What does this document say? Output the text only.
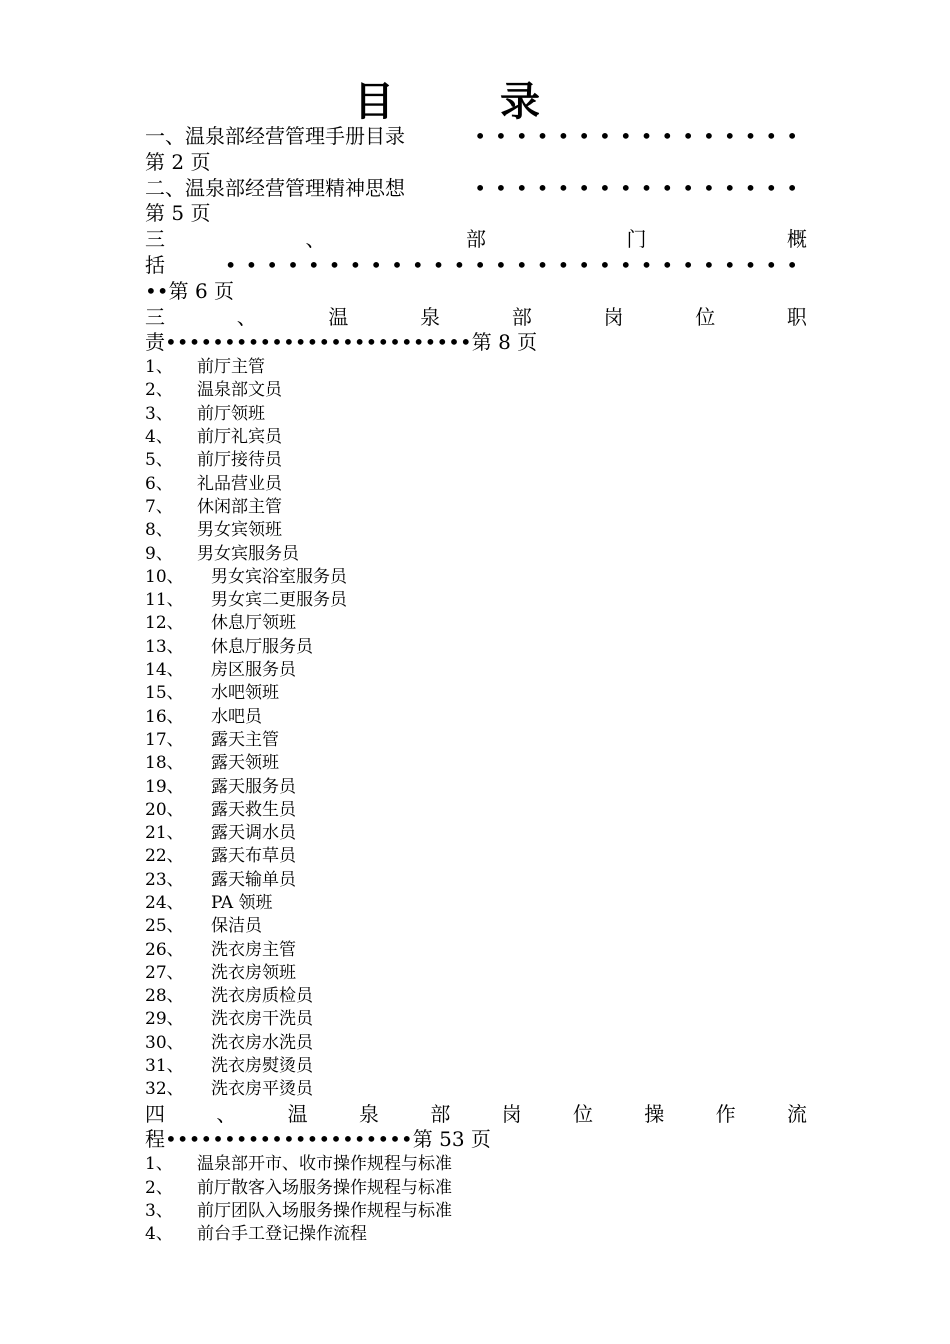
目 录
一、温泉部经营管理手册目录	••••••••••••••••
第 2 页
二、温泉部经营管理精神思想	••••••••••••••••
第 5 页
三	、	部	门	概
括	••••••••••••••••••••••••••••
••第 6 页
三	、	温	泉	部	岗	位	职
责••••••••••••••••••••••••••第 8 页
1、	前厅主管
2、	温泉部文员
3、	前厅领班
4、	前厅礼宾员
5、	前厅接待员
6、	礼品营业员
7、	休闲部主管
8、	男女宾领班
9、	男女宾服务员
10、	男女宾浴室服务员
11、	男女宾二更服务员
12、	休息厅领班
13、	休息厅服务员
14、	房区服务员
15、	水吧领班
16、	水吧员
17、	露天主管
18、	露天领班
19、	露天服务员
20、	露天救生员
21、	露天调水员
22、	露天布草员
23、	露天输单员
24、	PA 领班
25、	保洁员
26、	洗衣房主管
27、	洗衣房领班
28、	洗衣房质检员
29、	洗衣房干洗员
30、	洗衣房水洗员
31、	洗衣房熨烫员
32、	洗衣房平烫员
四	、	温	泉	部	岗	位	操	作	流
程•••••••••••••••••••••第 53 页
1、	温泉部开市、收市操作规程与标准
2、	前厅散客入场服务操作规程与标准
3、	前厅团队入场服务操作规程与标准
4、	前台手工登记操作流程
